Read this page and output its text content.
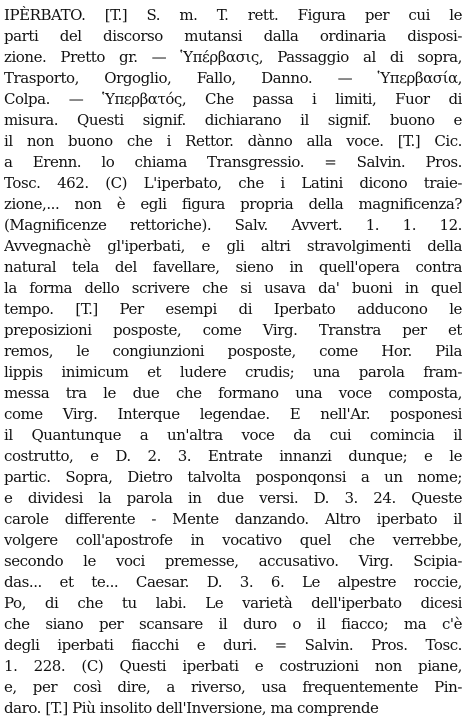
IPÈRBATO. [T.] S. m. T. rett. Figura per cui le
parti del discorso mutansi dalla ordinaria disposi-
zione. Pretto gr. — Ὑπέρβασις, Passaggio al di sopra,
Trasporto, Orgoglio, Fallo, Danno. — Ὑπερβασία,
Colpa. — Ὑπερβατός, Che passa i limiti, Fuor di
misura. Questi signif. dichiarano il signif. buono e
il non buono che i Rettor. dànno alla voce. [T.] Cic.
a Erenn. lo chiama Transgressio. = Salvin. Pros.
Tosc. 462. (C) L'iperbato, che i Latini dicono traie-
zione,... non è egli figura propria della magnificenza?
(Magnificenze rettoriche). Salv. Avvert. 1. 1. 12.
Avvegnachè gl'iperbati, e gli altri stravolgimenti della
natural tela del favellare, sieno in quell'opera contra
la forma dello scrivere che si usava da' buoni in quel
tempo. [T.] Per esempi di Iperbato adducono le
preposizioni posposte, come Virg. Transtra per et
remos, le congiunzioni posposte, come Hor. Pila
lippis inimicum et ludere crudis; una parola fram-
messa tra le due che formano una voce composta,
come Virg. Interque legendae. E nell'Ar. posponesi
il Quantunque a un'altra voce da cui comincia il
costrutto, e D. 2. 3. Entrate innanzi dunque; e le
partic. Sopra, Dietro talvolta posponqonsi a un nome;
e dividesi la parola in due versi. D. 3. 24. Queste
carole differente - Mente danzando. Altro iperbato il
volgere coll'apostrofe in vocativo quel che verrebbe,
secondo le voci premesse, accusativo. Virg. Scipia-
das... et te... Caesar. D. 3. 6. Le alpestre roccie,
Po, di che tu labi. Le varietà dell'iperbato dicesi
che siano per scansare il duro o il fiacco; ma c'è
degli iperbati fiacchi e duri. = Salvin. Pros. Tosc.
1. 228. (C) Questi iperbati e costruzioni non piane,
e, per così dire, a riverso, usa frequentemente Pin-
daro. [T.] Più insolito dell'Inversione, ma comprende
